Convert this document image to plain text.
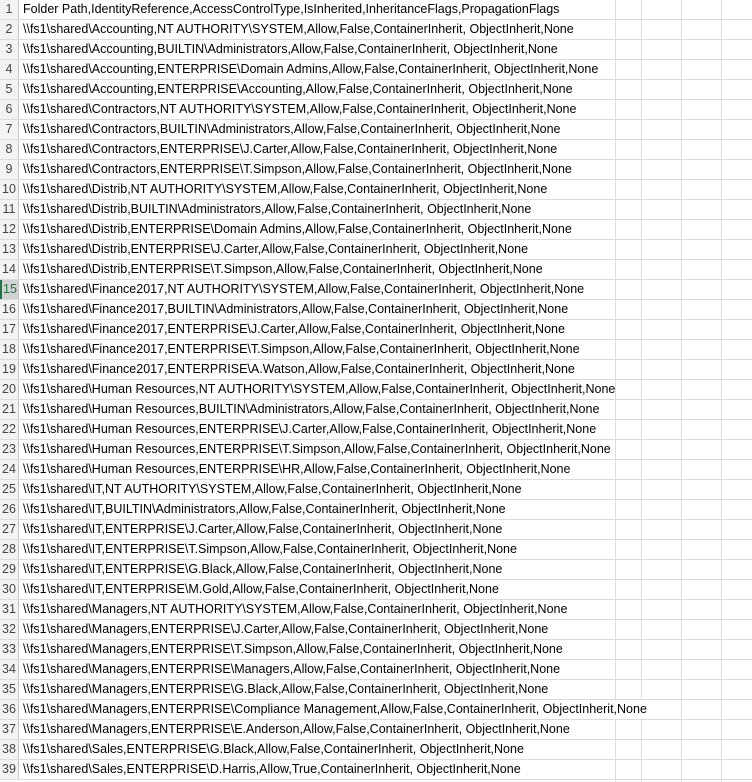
1 Folder Path,IdentityReference,AccessControlType,IsInherited,InheritanceFlags,PropagationFlags
2 \\fs1\shared\Accounting,NT AUTHORITY\SYSTEM,Allow,False,ContainerInherit, ObjectInherit,None
3 \\fs1\shared\Accounting,BUILTIN\Administrators,Allow,False,ContainerInherit, ObjectInherit,None
4 \\fs1\shared\Accounting,ENTERPRISE\Domain Admins,Allow,False,ContainerInherit, ObjectInherit,None
5 \\fs1\shared\Accounting,ENTERPRISE\Accounting,Allow,False,ContainerInherit, ObjectInherit,None
6 \\fs1\shared\Contractors,NT AUTHORITY\SYSTEM,Allow,False,ContainerInherit, ObjectInherit,None
7 \\fs1\shared\Contractors,BUILTIN\Administrators,Allow,False,ContainerInherit, ObjectInherit,None
8 \\fs1\shared\Contractors,ENTERPRISE\J.Carter,Allow,False,ContainerInherit, ObjectInherit,None
9 \\fs1\shared\Contractors,ENTERPRISE\T.Simpson,Allow,False,ContainerInherit, ObjectInherit,None
10 \\fs1\shared\Distrib,NT AUTHORITY\SYSTEM,Allow,False,ContainerInherit, ObjectInherit,None
11 \\fs1\shared\Distrib,BUILTIN\Administrators,Allow,False,ContainerInherit, ObjectInherit,None
12 \\fs1\shared\Distrib,ENTERPRISE\Domain Admins,Allow,False,ContainerInherit, ObjectInherit,None
13 \\fs1\shared\Distrib,ENTERPRISE\J.Carter,Allow,False,ContainerInherit, ObjectInherit,None
14 \\fs1\shared\Distrib,ENTERPRISE\T.Simpson,Allow,False,ContainerInherit, ObjectInherit,None
15 \\fs1\shared\Finance2017,NT AUTHORITY\SYSTEM,Allow,False,ContainerInherit, ObjectInherit,None
16 \\fs1\shared\Finance2017,BUILTIN\Administrators,Allow,False,ContainerInherit, ObjectInherit,None
17 \\fs1\shared\Finance2017,ENTERPRISE\J.Carter,Allow,False,ContainerInherit, ObjectInherit,None
18 \\fs1\shared\Finance2017,ENTERPRISE\T.Simpson,Allow,False,ContainerInherit, ObjectInherit,None
19 \\fs1\shared\Finance2017,ENTERPRISE\A.Watson,Allow,False,ContainerInherit, ObjectInherit,None
20 \\fs1\shared\Human Resources,NT AUTHORITY\SYSTEM,Allow,False,ContainerInherit, ObjectInherit,None
21 \\fs1\shared\Human Resources,BUILTIN\Administrators,Allow,False,ContainerInherit, ObjectInherit,None
22 \\fs1\shared\Human Resources,ENTERPRISE\J.Carter,Allow,False,ContainerInherit, ObjectInherit,None
23 \\fs1\shared\Human Resources,ENTERPRISE\T.Simpson,Allow,False,ContainerInherit, ObjectInherit,None
24 \\fs1\shared\Human Resources,ENTERPRISE\HR,Allow,False,ContainerInherit, ObjectInherit,None
25 \\fs1\shared\IT,NT AUTHORITY\SYSTEM,Allow,False,ContainerInherit, ObjectInherit,None
26 \\fs1\shared\IT,BUILTIN\Administrators,Allow,False,ContainerInherit, ObjectInherit,None
27 \\fs1\shared\IT,ENTERPRISE\J.Carter,Allow,False,ContainerInherit, ObjectInherit,None
28 \\fs1\shared\IT,ENTERPRISE\T.Simpson,Allow,False,ContainerInherit, ObjectInherit,None
29 \\fs1\shared\IT,ENTERPRISE\G.Black,Allow,False,ContainerInherit, ObjectInherit,None
30 \\fs1\shared\IT,ENTERPRISE\M.Gold,Allow,False,ContainerInherit, ObjectInherit,None
31 \\fs1\shared\Managers,NT AUTHORITY\SYSTEM,Allow,False,ContainerInherit, ObjectInherit,None
32 \\fs1\shared\Managers,ENTERPRISE\J.Carter,Allow,False,ContainerInherit, ObjectInherit,None
33 \\fs1\shared\Managers,ENTERPRISE\T.Simpson,Allow,False,ContainerInherit, ObjectInherit,None
34 \\fs1\shared\Managers,ENTERPRISE\Managers,Allow,False,ContainerInherit, ObjectInherit,None
35 \\fs1\shared\Managers,ENTERPRISE\G.Black,Allow,False,ContainerInherit, ObjectInherit,None
36 \\fs1\shared\Managers,ENTERPRISE\Compliance Management,Allow,False,ContainerInherit, ObjectInherit,None
37 \\fs1\shared\Managers,ENTERPRISE\E.Anderson,Allow,False,ContainerInherit, ObjectInherit,None
38 \\fs1\shared\Sales,ENTERPRISE\G.Black,Allow,False,ContainerInherit, ObjectInherit,None
39 \\fs1\shared\Sales,ENTERPRISE\D.Harris,Allow,True,ContainerInherit, ObjectInherit,None
